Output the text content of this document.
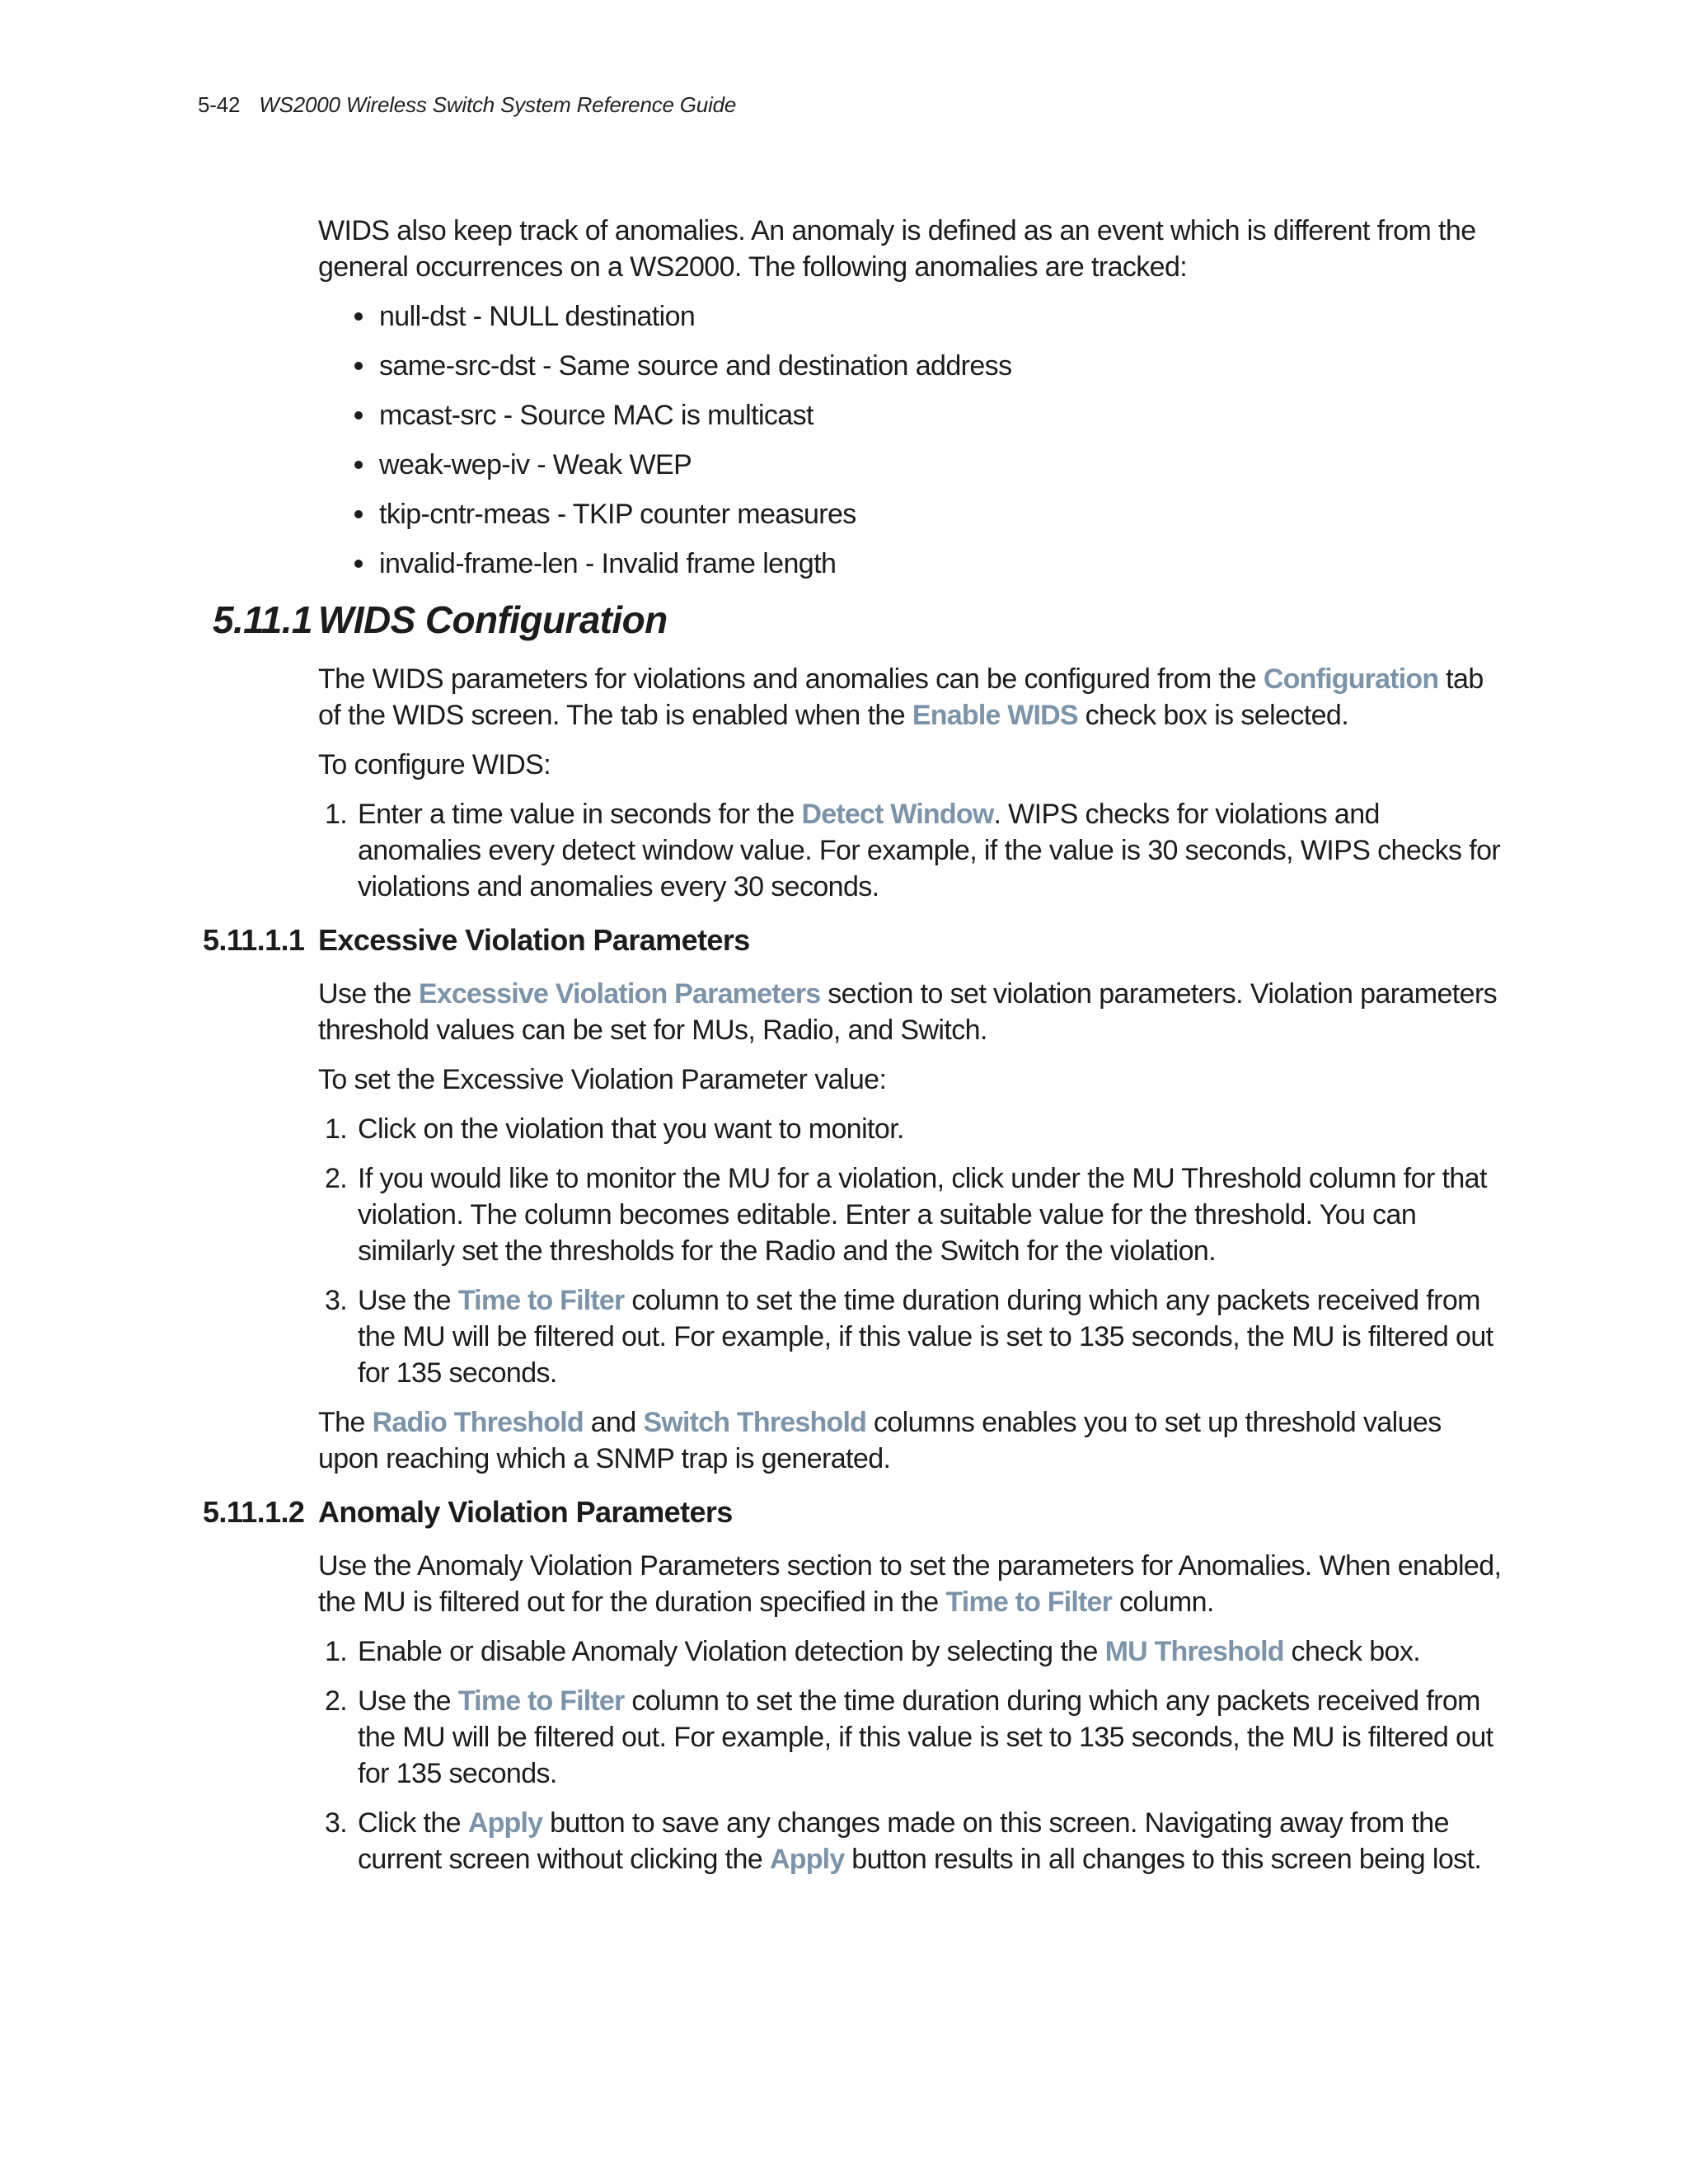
5-42 WS2000 Wireless Switch System Reference Guide

WIDS also keep track of anomalies. An anomaly is defined as an event which is different from the general occurrences on a WS2000. The following anomalies are tracked:

null-dst - NULL destination
same-src-dst - Same source and destination address
mcast-src - Source MAC is multicast
weak-wep-iv - Weak WEP
tkip-cntr-meas - TKIP counter measures
invalid-frame-len - Invalid frame length
5.11.1 WIDS Configuration

The WIDS parameters for violations and anomalies can be configured from the Configuration tab of the WIDS screen. The tab is enabled when the Enable WIDS check box is selected.

To configure WIDS:

1. Enter a time value in seconds for the Detect Window. WIPS checks for violations and anomalies every detect window value. For example, if the value is 30 seconds, WIPS checks for violations and anomalies every 30 seconds.
5.11.1.1 Excessive Violation Parameters

Use the Excessive Violation Parameters section to set violation parameters. Violation parameters threshold values can be set for MUs, Radio, and Switch.

To set the Excessive Violation Parameter value:

1. Click on the violation that you want to monitor.
2. If you would like to monitor the MU for a violation, click under the MU Threshold column for that violation. The column becomes editable. Enter a suitable value for the threshold. You can similarly set the thresholds for the Radio and the Switch for the violation.
3. Use the Time to Filter column to set the time duration during which any packets received from the MU will be filtered out. For example, if this value is set to 135 seconds, the MU is filtered out for 135 seconds.

The Radio Threshold and Switch Threshold columns enables you to set up threshold values upon reaching which a SNMP trap is generated.

5.11.1.2 Anomaly Violation Parameters

Use the Anomaly Violation Parameters section to set the parameters for Anomalies. When enabled, the MU is filtered out for the duration specified in the Time to Filter column.

1. Enable or disable Anomaly Violation detection by selecting the MU Threshold check box.
2. Use the Time to Filter column to set the time duration during which any packets received from the MU will be filtered out. For example, if this value is set to 135 seconds, the MU is filtered out for 135 seconds.
3. Click the Apply button to save any changes made on this screen. Navigating away from the current screen without clicking the Apply button results in all changes to this screen being lost.
